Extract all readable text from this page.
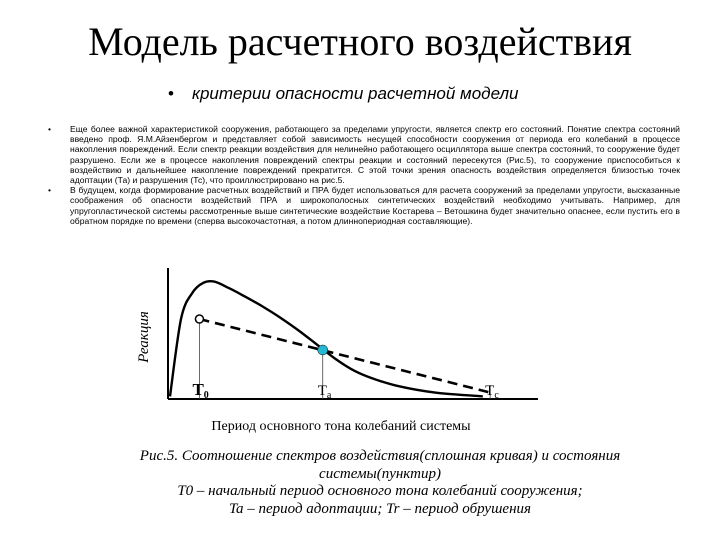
Модель расчетного воздействия
• критерии опасности расчетной модели
•	Еще более важной характеристикой сооружения, работающего за пределами упругости, является спектр его состояний. Понятие спектра состояний введено проф. Я.М.Айзенбергом и представляет собой зависимость несущей способности сооружения от периода его колебаний в процессе накопления повреждений. Если спектр реакции воздействия для нелинейно работающего осциллятора выше спектра состояний, то сооружение будет разрушено. Если же в процессе накопления повреждений спектры реакции и состояний пересекутся (Рис.5), то сооружение приспособиться к воздействию и дальнейшее накопление повреждений прекратится. С этой точки зрения опасность воздействия определяется близостью точек адоптации (Та) и разрушения (Тс), что проиллюстрировано на рис.5.
•	В будущем, когда формирование расчетных воздействий и ПРА будет использоваться для расчета сооружений за пределами упругости, высказанные соображения об опасности воздействий ПРА и широкополосных синтетических воздействий необходимо учитывать. Например, для упругопластической системы рассмотренные выше синтетические воздействие Костарева – Ветошкина будет значительно опаснее, если пустить его в обратном порядке по времени (сперва высокочастотная, а потом длиннопериодная составляющие).
T0	$T_a$	$T_c$
Реакция
Период основного тона колебаний системы
Рис.5. Соотношение спектров воздействия(сплошная кривая) и состояния
системы(пунктир)
T0 – начальный период основного тона колебаний сооружения;
Ta – период адоптации; Tr – период обрушения
